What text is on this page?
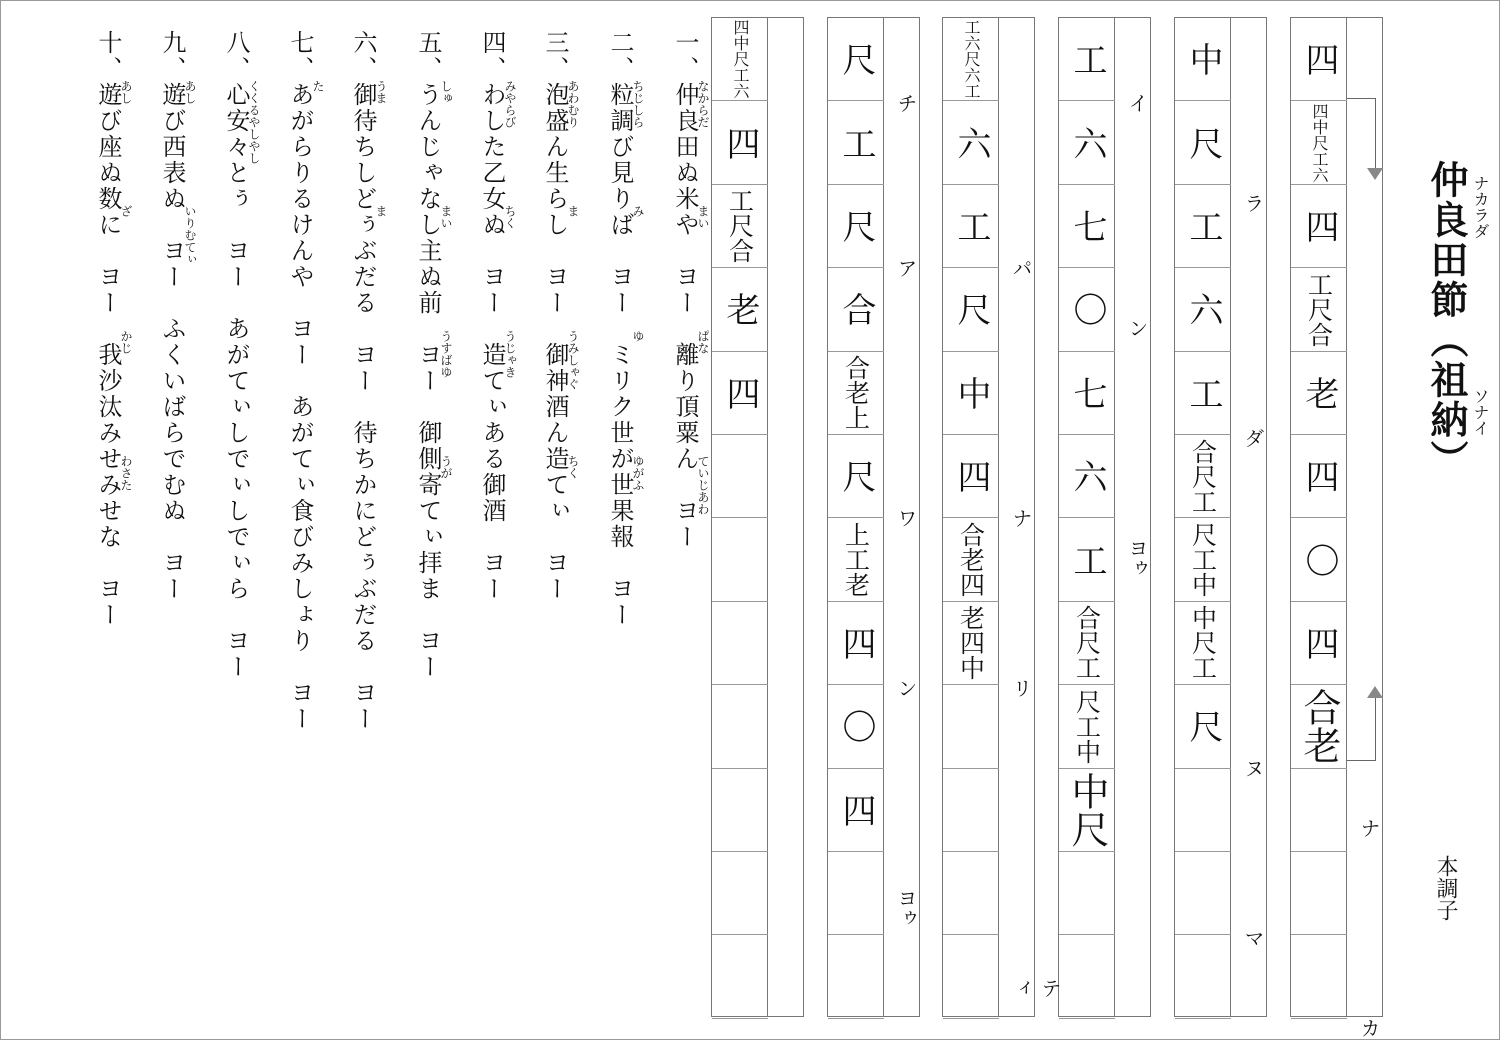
仲良田節（祖納） ナカラダ
ソナイ
本調子
四
四中尺工六
四
工尺合
老
四
〇
四
合老
ナ
カ
中
尺
工
六
工
合尺工
尺工中
中尺工
尺
ラ
ダ
ヌ
マ
工
六
七
〇
七
六
工
合尺工
尺工中
中尺
イ
ン
ヨゥ
工六尺六工
六
工
尺
中
四
合老四
老四中
パ
ナ
リ
ティ
尺
工
尺
合
合老上
尺
上工老
四
〇
四
チ
ア
ワ
ン
ヨゥ
四中尺工六
四
工尺合
老
四
一、仲良田ぬ米や　ヨー　離り頂粟ん　ヨー
なからだ
まい
ぱな
ていじあわ
二、粒調び見りば　ヨー　ミリク世が世果報　ヨー
ちじしら
み
ゆ
ゆがふ
三、泡盛ん生らし　ヨー　御神酒ん造てぃ　ヨー
あわむり
ま
うみしゃぐ
ちく
四、わした乙女ぬ　ヨー　造てぃある御酒　ヨー
みやらび
ちく
うじゃき
五、うんじゃなし主ぬ前　ヨー　御側寄てぃ拝ま　ヨー
しゅ
まい
うすばゆ
うが
六、御待ちしどぅぶだる　ヨー　待ちかにどぅぶだる　ヨー
うま
ま
七、あがらりるけんや　ヨー　あがてぃ食びみしょり　ヨー
た
八、心安々とぅ　ヨー　あがてぃしでぃしでぃら　ヨー
くくるやしやし
九、遊び西表ぬ　ヨー　ふくいばらでむぬ　ヨー
あし
いりむてぃ
十、遊び座ぬ数に　ヨー　我沙汰みせみせな　ヨー
あし
ざ
かじ
わさた
